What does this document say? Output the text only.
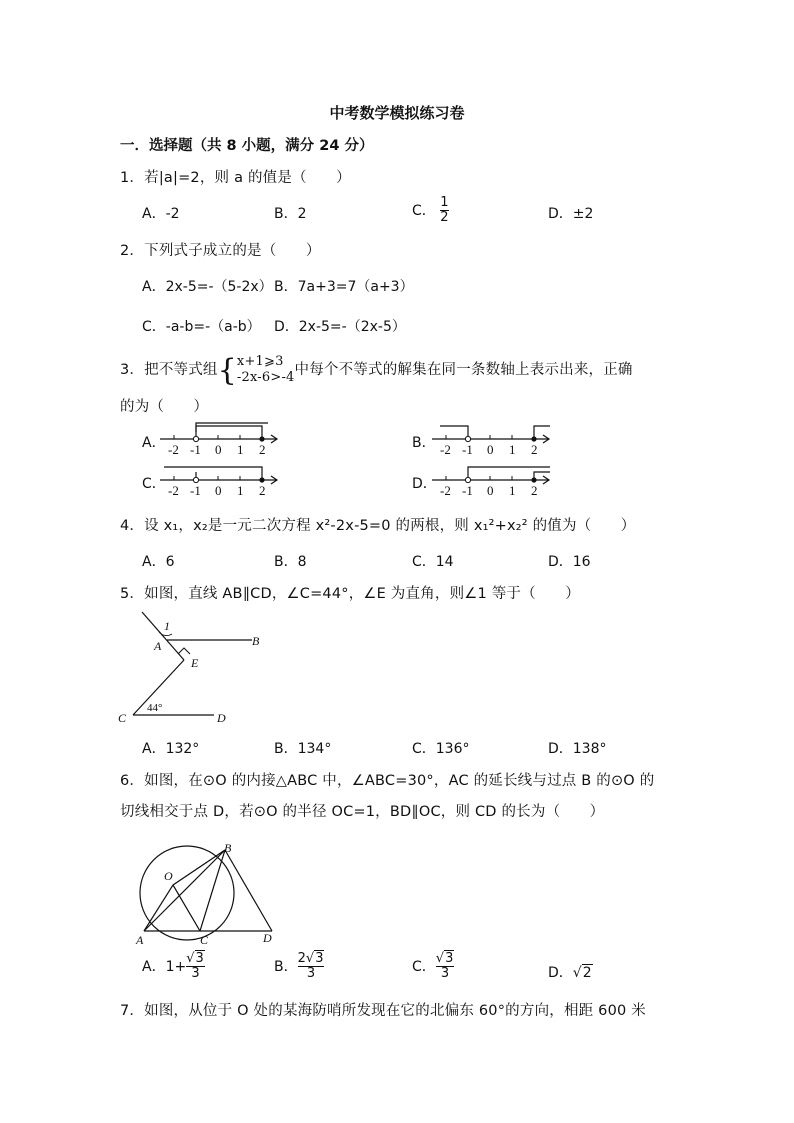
中考数学模拟练习卷
一．选择题（共 8 小题，满分 24 分）
1．若|a|=2，则 a 的值是（　　）
A．-2	B．2	C． $\frac{1}{2}$	D．±2
2．下列式子成立的是（　　）
A．2x-5=-（5-2x） B．7a+3=7（a+3）
C．-a-b=-（a-b） D．2x-5=-（2x-5）
3．把不等式组{x+1⩾3
-2x-6>-4中每个不等式的解集在同一条数轴上表示出来，正确
的为（　　）
A．	B．
C．	D．
-2 -1 0 1 2	-2 -1 0 1 2
-2 -1 0 1 2	-2 -1 0 1 2
4．设 x₁，x₂是一元二次方程 x²-2x-5=0 的两根，则 x₁²+x₂² 的值为（　　）
A．6	B．8	C．14	D．16
5．如图，直线 AB∥CD，∠C=44°，∠E 为直角，则∠1 等于（　　）
1
A	B
E
C	D
44°
A．132°	B．134°	C．136°	D．138°
6．如图，在⊙O 的内接△ABC 中，∠ABC=30°，AC 的延长线与过点 B 的⊙O 的
切线相交于点 D，若⊙O 的半径 OC=1，BD∥OC，则 CD 的长为（　　）
O
B
A	C	D
A．$1+ \frac{√3}{3}$	B． $\frac{2√3}{3}$	C． $\frac{√3}{3}$	D．√2
7．如图，从位于 O 处的某海防哨所发现在它的北偏东 60°的方向，相距 600 米
